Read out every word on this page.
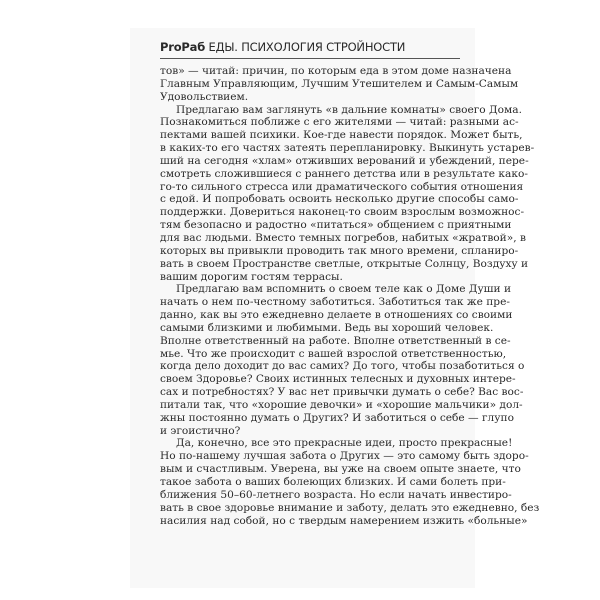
ProPаб ЕДЫ. ПСИХОЛОГИЯ СТРОЙНОСТИ
тов» — читай: причин, по которым еда в этом доме назначена
Главным Управляющим, Лучшим Утешителем и Самым-Самым
Удовольствием.
Предлагаю вам заглянуть «в дальние комнаты» своего Дома.
Познакомиться поближе с его жителями — читай: разными ас-
пектами вашей психики. Кое-где навести порядок. Может быть,
в каких-то его частях затеять перепланировку. Выкинуть устарев-
ший на сегодня «хлам» отживших верований и убеждений, пере-
смотреть сложившиеся с раннего детства или в результате како-
го-то сильного стресса или драматического события отношения
с едой. И попробовать освоить несколько другие способы само-
поддержки. Довериться наконец-то своим взрослым возможнос-
тям безопасно и радостно «питаться» общением с приятными
для вас людьми. Вместо темных погребов, набитых «жратвой», в
которых вы привыкли проводить так много времени, спланиро-
вать в своем Пространстве светлые, открытые Солнцу, Воздуху и
вашим дорогим гостям террасы.
Предлагаю вам вспомнить о своем теле как о Доме Души и
начать о нем по-честному заботиться. Заботиться так же пре-
данно, как вы это ежедневно делаете в отношениях со своими
самыми близкими и любимыми. Ведь вы хороший человек.
Вполне ответственный на работе. Вполне ответственный в се-
мье. Что же происходит с вашей взрослой ответственностью,
когда дело доходит до вас самих? До того, чтобы позаботиться о
своем Здоровье? Своих истинных телесных и духовных интере-
сах и потребностях? У вас нет привычки думать о себе? Вас вос-
питали так, что «хорошие девочки» и «хорошие мальчики» дол-
жны постоянно думать о Других? И заботиться о себе — глупо
и эгоистично?
Да, конечно, все это прекрасные идеи, просто прекрасные!
Но по-нашему лучшая забота о Других — это самому быть здоро-
вым и счастливым. Уверена, вы уже на своем опыте знаете, что
такое забота о ваших болеющих близких. И сами болеть при-
ближения 50–60-летнего возраста. Но если начать инвестиро-
вать в свое здоровье внимание и заботу, делать это ежедневно, без
насилия над собой, но с твердым намерением изжить «больные»
